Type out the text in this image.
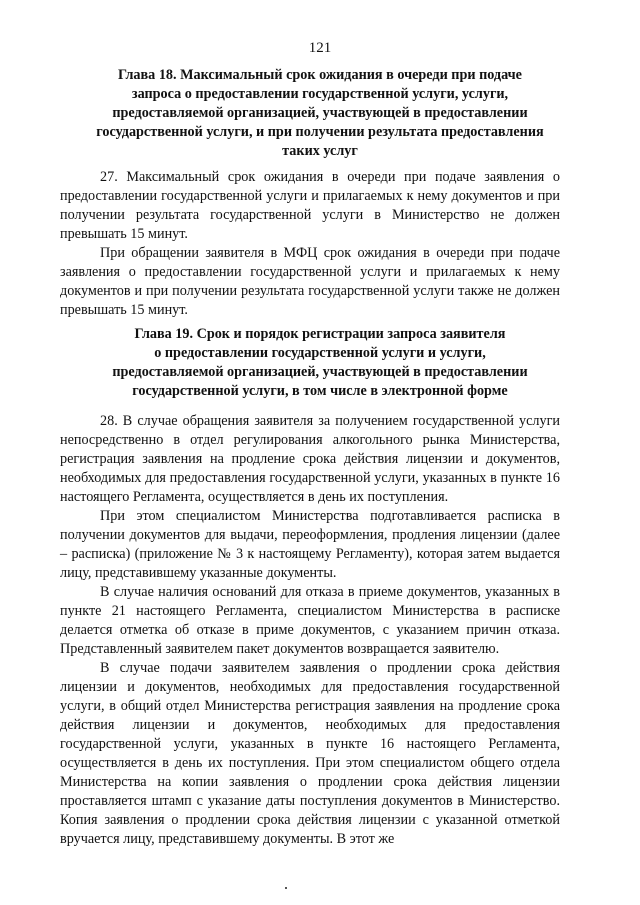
121
Глава 18. Максимальный срок ожидания в очереди при подаче
запроса о предоставлении государственной услуги, услуги,
предоставляемой организацией, участвующей в предоставлении
государственной услуги, и при получении результата предоставления
таких услуг

27. Максимальный срок ожидания в очереди при подаче заявления о предоставлении государственной услуги и прилагаемых к нему документов и при получении результата государственной услуги в Министерство не должен превышать 15 минут.

При обращении заявителя в МФЦ срок ожидания в очереди при подаче заявления о предоставлении государственной услуги и прилагаемых к нему документов и при получении результата государственной услуги также не должен превышать 15 минут.

Глава 19. Срок и порядок регистрации запроса заявителя
о предоставлении государственной услуги и услуги,
предоставляемой организацией, участвующей в предоставлении
государственной услуги, в том числе в электронной форме

28. В случае обращения заявителя за получением государственной услуги непосредственно в отдел регулирования алкогольного рынка Министерства, регистрация заявления на продление срока действия лицензии и документов, необходимых для предоставления государственной услуги, указанных в пункте 16 настоящего Регламента, осуществляется в день их поступления.

При этом специалистом Министерства подготавливается расписка в получении документов для выдачи, переоформления, продления лицензии (далее – расписка) (приложение № 3 к настоящему Регламенту), которая затем выдается лицу, представившему указанные документы.

В случае наличия оснований для отказа в приеме документов, указанных в пункте 21 настоящего Регламента, специалистом Министерства в расписке делается отметка об отказе в приме документов, с указанием причин отказа. Представленный заявителем пакет документов возвращается заявителю.

В случае подачи заявителем заявления о продлении срока действия лицензии и документов, необходимых для предоставления государственной услуги, в общий отдел Министерства регистрация заявления на продление срока действия лицензии и документов, необходимых для предоставления государственной услуги, указанных в пункте 16 настоящего Регламента, осуществляется в день их поступления. При этом специалистом общего отдела Министерства на копии заявления о продлении срока действия лицензии проставляется штамп с указание даты поступления документов в Министерство. Копия заявления о продлении срока действия лицензии с указанной отметкой вручается лицу, представившему документы. В этот же
